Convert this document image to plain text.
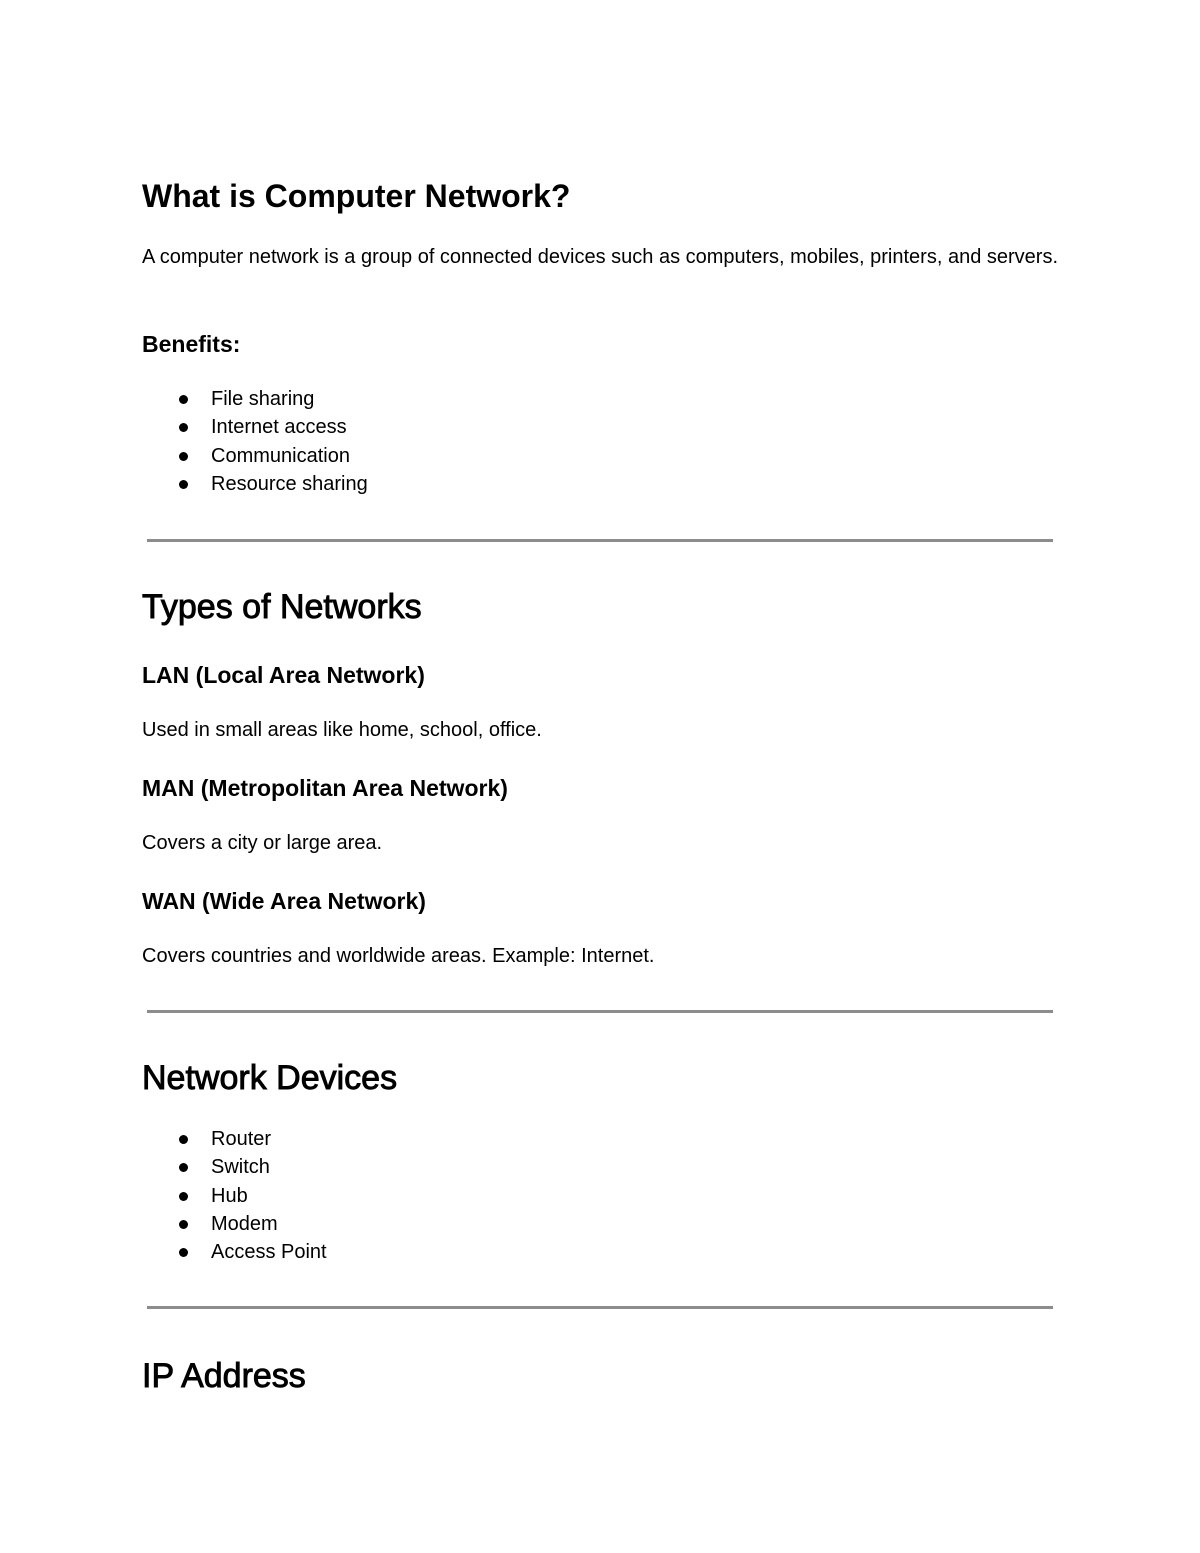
What is Computer Network?

A computer network is a group of connected devices such as computers, mobiles, printers, and servers.

Benefits:
File sharing
Internet access
Communication
Resource sharing
Types of Networks
LAN (Local Area Network)

Used in small areas like home, school, office.

MAN (Metropolitan Area Network)

Covers a city or large area.

WAN (Wide Area Network)

Covers countries and worldwide areas. Example: Internet.

Network Devices
Router
Switch
Hub
Modem
Access Point
IP Address
